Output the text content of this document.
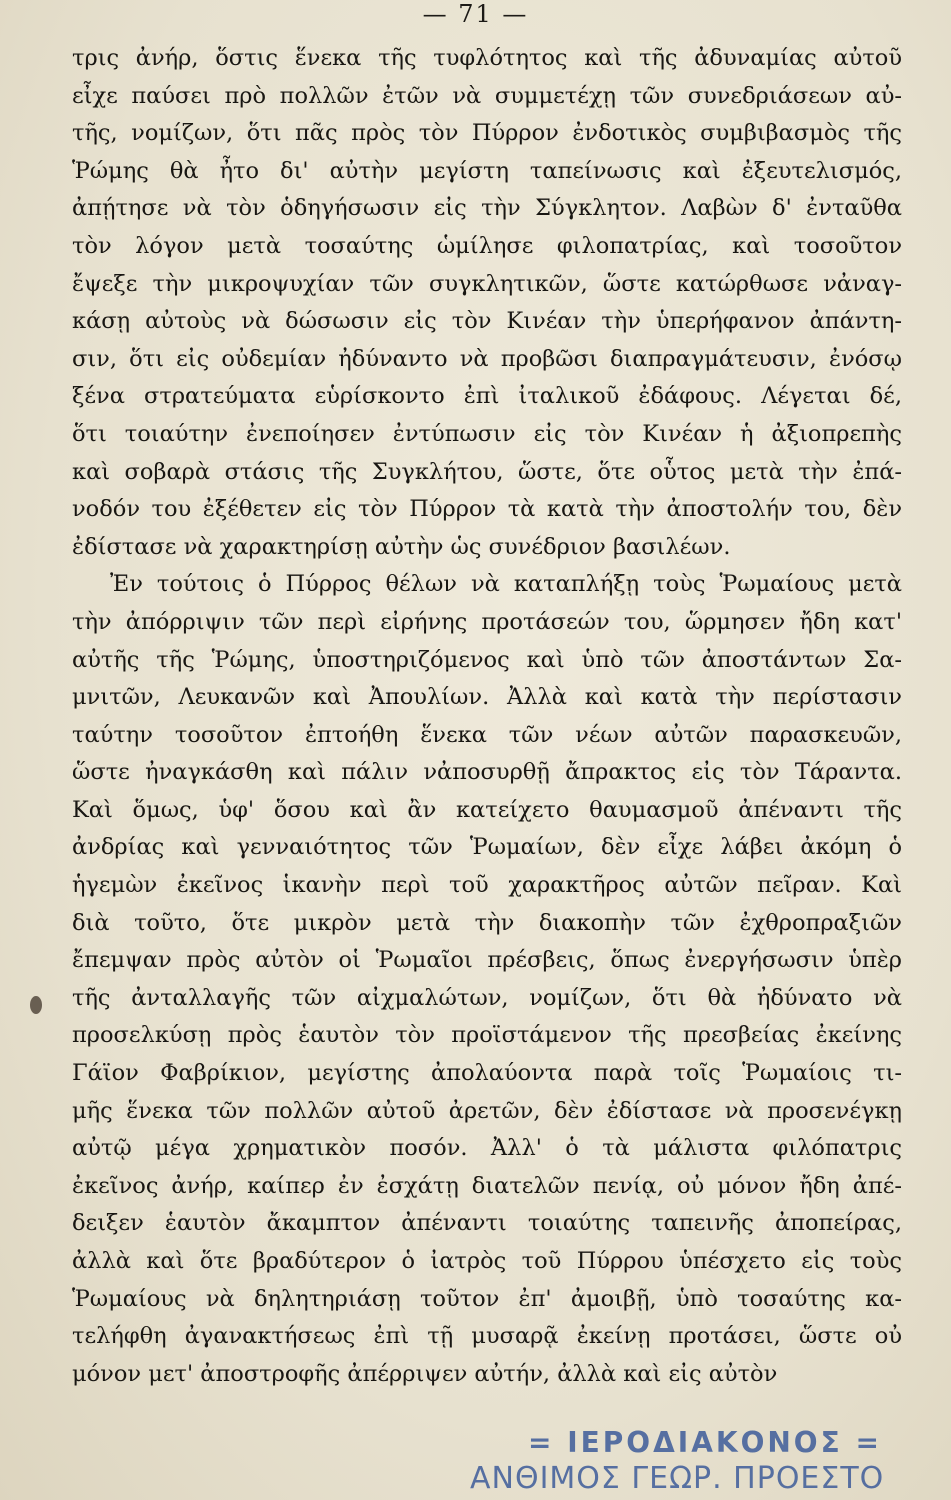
— 71 —

τρις ἀνήρ, ὅστις ἕνεκα τῆς τυφλότητος καὶ τῆς ἀδυναμίας αὐτοῦ
εἶχε παύσει πρὸ πολλῶν ἐτῶν νὰ συμμετέχῃ τῶν συνεδριάσεων αὐ-
τῆς, νομίζων, ὅτι πᾶς πρὸς τὸν Πύρρον ἐνδοτικὸς συμβιβασμὸς τῆς
Ῥώμης θὰ ἦτο δι' αὐτὴν μεγίστη ταπείνωσις καὶ ἐξευτελισμός,
ἀπῄτησε νὰ τὸν ὁδηγήσωσιν εἰς τὴν Σύγκλητον. Λαβὼν δ' ἐνταῦθα
τὸν λόγον μετὰ τοσαύτης ὡμίλησε φιλοπατρίας, καὶ τοσοῦτον
ἔψεξε τὴν μικροψυχίαν τῶν συγκλητικῶν, ὥστε κατώρθωσε νἀναγ-
κάσῃ αὐτοὺς νὰ δώσωσιν εἰς τὸν Κινέαν τὴν ὑπερήφανον ἀπάντη-
σιν, ὅτι εἰς οὐδεμίαν ἠδύναντο νὰ προβῶσι διαπραγμάτευσιν, ἐνόσῳ
ξένα στρατεύματα εὑρίσκοντο ἐπὶ ἰταλικοῦ ἐδάφους. Λέγεται δέ,
ὅτι τοιαύτην ἐνεποίησεν ἐντύπωσιν εἰς τὸν Κινέαν ἡ ἀξιοπρεπὴς
καὶ σοβαρὰ στάσις τῆς Συγκλήτου, ὥστε, ὅτε οὗτος μετὰ τὴν ἐπά-
νοδόν του ἐξέθετεν εἰς τὸν Πύρρον τὰ κατὰ τὴν ἀποστολήν του, δὲν
ἐδίστασε νὰ χαρακτηρίσῃ αὐτὴν ὡς συνέδριον βασιλέων.

Ἐν τούτοις ὁ Πύρρος θέλων νὰ καταπλήξῃ τοὺς Ῥωμαίους μετὰ
τὴν ἀπόρριψιν τῶν περὶ εἰρήνης προτάσεών του, ὥρμησεν ἤδη κατ'
αὐτῆς τῆς Ῥώμης, ὑποστηριζόμενος καὶ ὑπὸ τῶν ἀποστάντων Σα-
μνιτῶν, Λευκανῶν καὶ Ἀπουλίων. Ἀλλὰ καὶ κατὰ τὴν περίστασιν
ταύτην τοσοῦτον ἐπτοήθη ἕνεκα τῶν νέων αὐτῶν παρασκευῶν,
ὥστε ἠναγκάσθη καὶ πάλιν νἀποσυρθῇ ἄπρακτος εἰς τὸν Τάραντα.
Καὶ ὅμως, ὑφ' ὅσου καὶ ἂν κατείχετο θαυμασμοῦ ἀπέναντι τῆς
ἀνδρίας καὶ γενναιότητος τῶν Ῥωμαίων, δὲν εἶχε λάβει ἀκόμη ὁ
ἡγεμὼν ἐκεῖνος ἱκανὴν περὶ τοῦ χαρακτῆρος αὐτῶν πεῖραν. Καὶ
διὰ τοῦτο, ὅτε μικρὸν μετὰ τὴν διακοπὴν τῶν ἐχθροπραξιῶν
ἔπεμψαν πρὸς αὐτὸν οἱ Ῥωμαῖοι πρέσβεις, ὅπως ἐνεργήσωσιν ὑπὲρ
τῆς ἀνταλλαγῆς τῶν αἰχμαλώτων, νομίζων, ὅτι θὰ ἠδύνατο νὰ
προσελκύσῃ πρὸς ἑαυτὸν τὸν προϊστάμενον τῆς πρεσβείας ἐκείνης
Γάϊον Φαβρίκιον, μεγίστης ἀπολαύοντα παρὰ τοῖς Ῥωμαίοις τι-
μῆς ἕνεκα τῶν πολλῶν αὐτοῦ ἀρετῶν, δὲν ἐδίστασε νὰ προσενέγκῃ
αὐτῷ μέγα χρηματικὸν ποσόν. Ἀλλ' ὁ τὰ μάλιστα φιλόπατρις
ἐκεῖνος ἀνήρ, καίπερ ἐν ἐσχάτῃ διατελῶν πενίᾳ, οὐ μόνον ἤδη ἀπέ-
δειξεν ἑαυτὸν ἄκαμπτον ἀπέναντι τοιαύτης ταπεινῆς ἀποπείρας,
ἀλλὰ καὶ ὅτε βραδύτερον ὁ ἰατρὸς τοῦ Πύρρου ὑπέσχετο εἰς τοὺς
Ῥωμαίους νὰ δηλητηριάσῃ τοῦτον ἐπ' ἀμοιβῇ, ὑπὸ τοσαύτης κα-
τελήφθη ἀγανακτήσεως ἐπὶ τῇ μυσαρᾷ ἐκείνῃ προτάσει, ὥστε οὐ
μόνον μετ' ἀποστροφῆς ἀπέρριψεν αὐτήν, ἀλλὰ καὶ εἰς αὐτὸν

= ΙΕΡΟΔΙΑΚΟΝΟΣ =
ΑΝΘΙΜΟΣ ΓΕΩΡ. ΠΡΟΕΣΤΟ
